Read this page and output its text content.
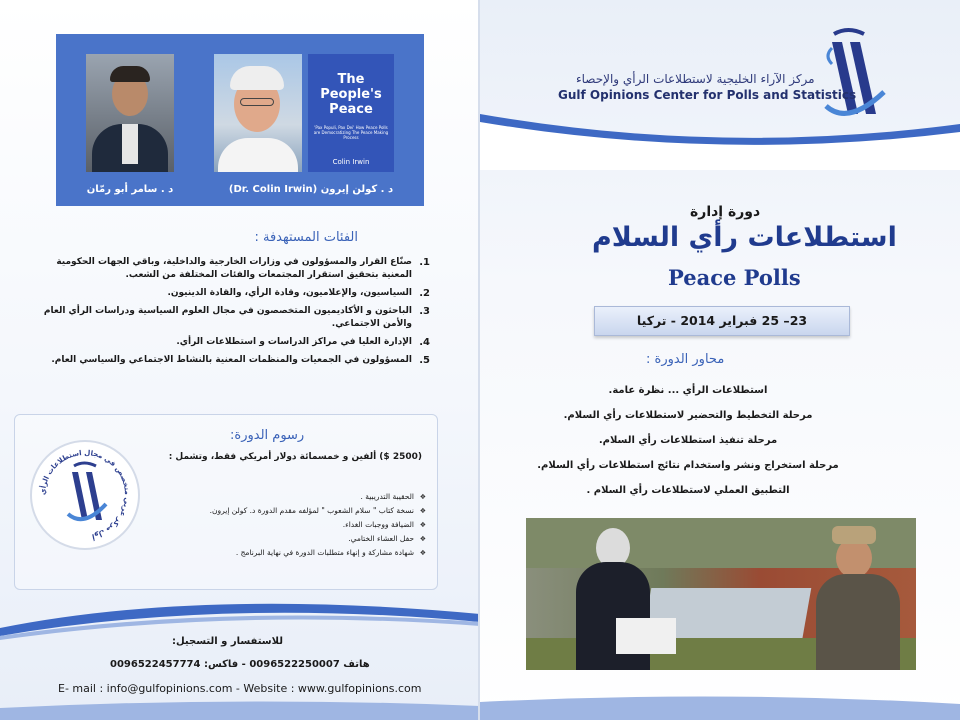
The People's Peace
'Pax Populi, Pax Dei' How Peace Polls are Democratizing The Peace Making Process
Colin Irwin
د . سامر أبو رمّان	د . كولن إيرون (Dr. Colin Irwin)
الفئات المستهدفة :
1.
صنّاع القرار والمسؤولون في وزارات الخارجية والداخلية، وباقي الجهات الحكومية المعنية بتحقيق استقرار المجتمعات والفئات المختلفة من الشعب.
2.
السياسيون، والإعلاميون، وقادة الرأي، والقادة الدينيون.
3.
الباحثون و الأكاديميون المتخصصون في مجال العلوم السياسية ودراسات الرأي العام والأمن الاجتماعي.
4.
الإدارة العليا في مراكز الدراسات و استطلاعات الرأي.
5.
المسؤولون في الجمعيات والمنظمات المعنية بالنشاط الاجتماعي والسياسي العام.
رسوم الدورة:
(2500 $) ألفين و خمسمائة دولار أمريكي فقط، وتشمل :
❖ الحقيبة التدريبية .
❖ نسخة كتاب " سلام الشعوب " لمؤلفه مقدم الدورة د. كولن إيرون.
❖ الضيافة ووجبات الغداء.
❖ حفل العشاء الختامي.
❖ شهادة مشاركة و إنهاء متطلبات الدورة في نهاية البرنامج .
أول مركز عربي متخصص في مجال استطلاعات الرأي
للاستفسار و التسجيل:
هاتف 0096522250007 - فاكس: 0096522457774
E- mail : info@gulfopinions.com - Website : www.gulfopinions.com
مركز الآراء الخليجية لاستطلاعات الرأي والإحصاء
Gulf Opinions Center for Polls and Statistics
دورة إدارة
استطلاعات رأي السلام
Peace Polls
23– 25 فبراير 2014 - تركيا
محاور الدورة :
استطلاعات الرأي ... نظرة عامة.
مرحلة التخطيط والتحضير لاستطلاعات رأي السلام.
مرحلة تنفيذ استطلاعات رأي السلام.
مرحلة استخراج ونشر واستخدام نتائج استطلاعات رأي السلام.
التطبيق العملي لاستطلاعات رأي السلام .
